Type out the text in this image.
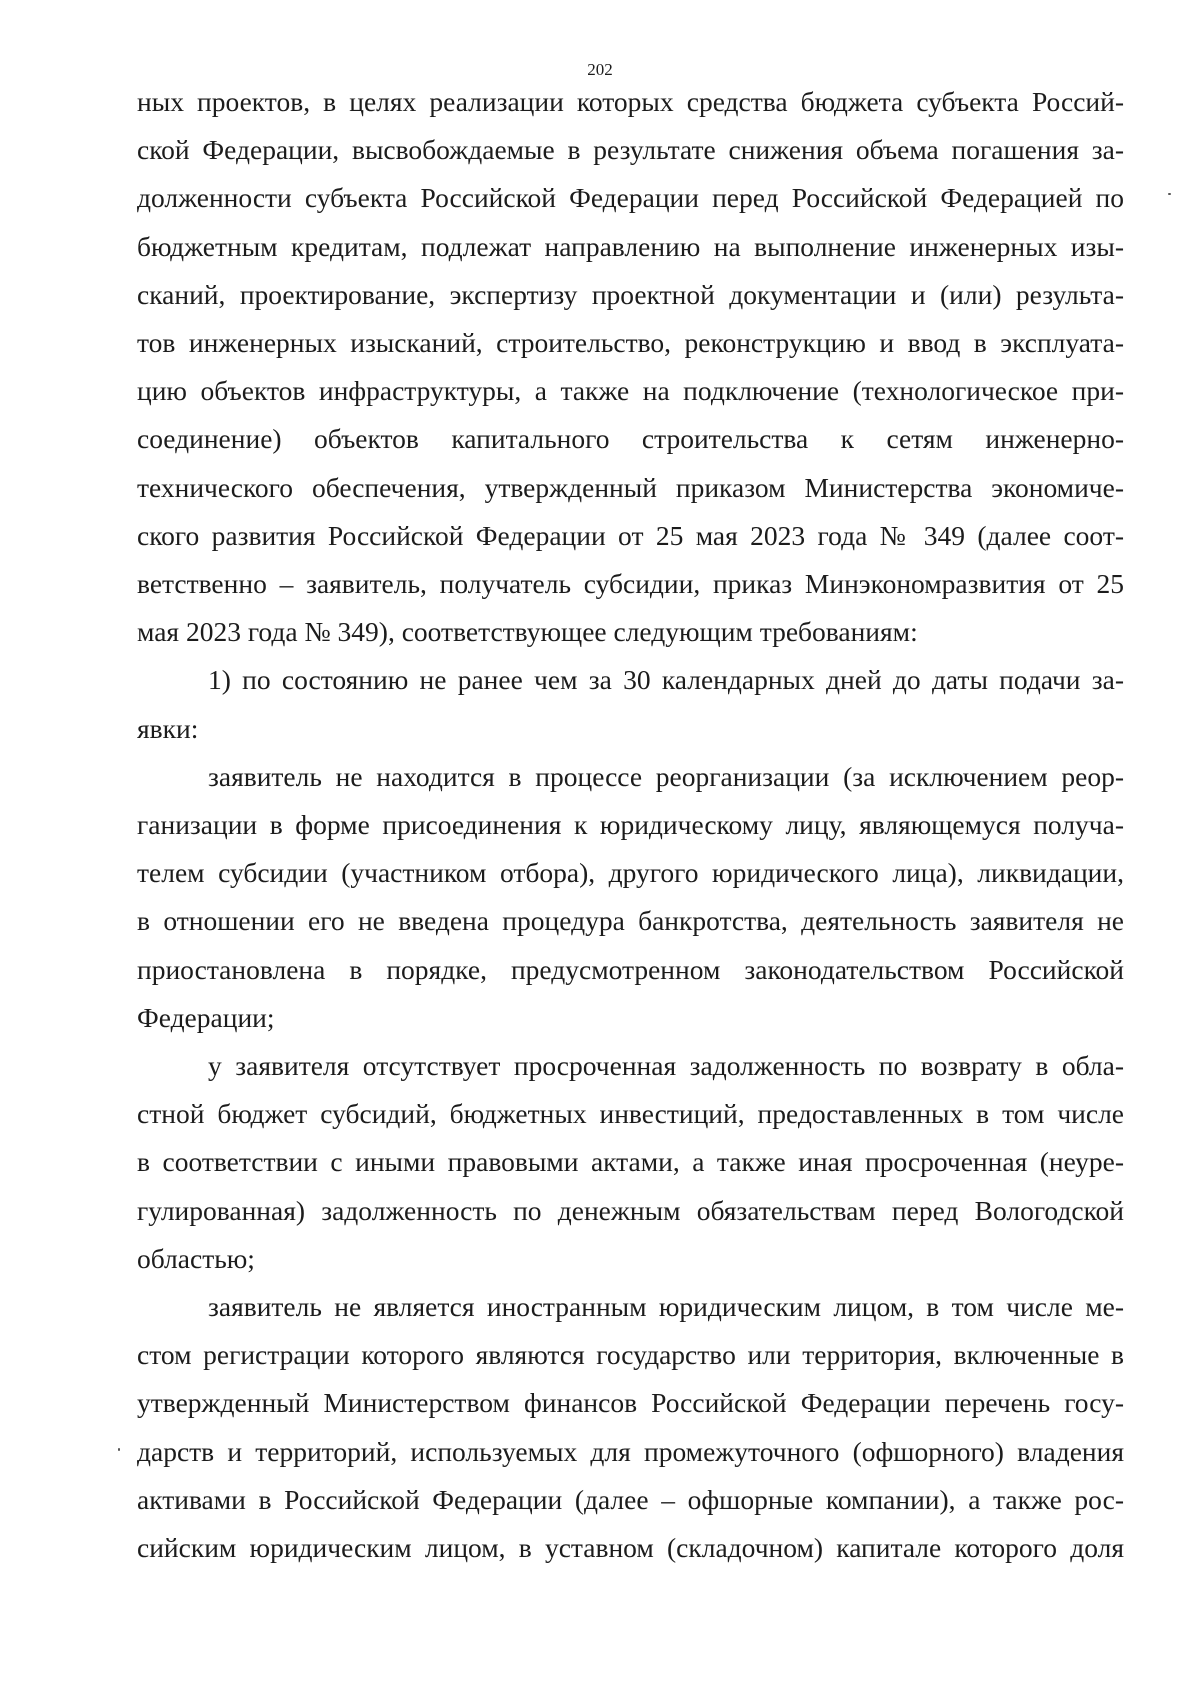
202

ных проектов, в целях реализации которых средства бюджета субъекта Россий-

ской Федерации, высвобождаемые в результате снижения объема погашения за-

долженности субъекта Российской Федерации перед Российской Федерацией по

бюджетным кредитам, подлежат направлению на выполнение инженерных изы-

сканий, проектирование, экспертизу проектной документации и (или) результа-

тов инженерных изысканий, строительство, реконструкцию и ввод в эксплуата-

цию объектов инфраструктуры, а также на подключение (технологическое при-

соединение) объектов капитального строительства к сетям инженерно-

технического обеспечения, утвержденный приказом Министерства экономиче-

ского развития Российской Федерации от 25 мая 2023 года № 349 (далее соот-

ветственно – заявитель, получатель субсидии, приказ Минэкономразвития от 25

мая 2023 года № 349), соответствующее следующим требованиям:

1) по состоянию не ранее чем за 30 календарных дней до даты подачи за-

явки:

заявитель не находится в процессе реорганизации (за исключением реор-

ганизации в форме присоединения к юридическому лицу, являющемуся получа-

телем субсидии (участником отбора), другого юридического лица), ликвидации,

в отношении его не введена процедура банкротства, деятельность заявителя не

приостановлена в порядке, предусмотренном законодательством Российской

Федерации;

у заявителя отсутствует просроченная задолженность по возврату в обла-

стной бюджет субсидий, бюджетных инвестиций, предоставленных в том числе

в соответствии с иными правовыми актами, а также иная просроченная (неуре-

гулированная) задолженность по денежным обязательствам перед Вологодской

областью;

заявитель не является иностранным юридическим лицом, в том числе ме-

стом регистрации которого являются государство или территория, включенные в

утвержденный Министерством финансов Российской Федерации перечень госу-

дарств и территорий, используемых для промежуточного (офшорного) владения

активами в Российской Федерации (далее – офшорные компании), а также рос-

сийским юридическим лицом, в уставном (складочном) капитале которого доля
